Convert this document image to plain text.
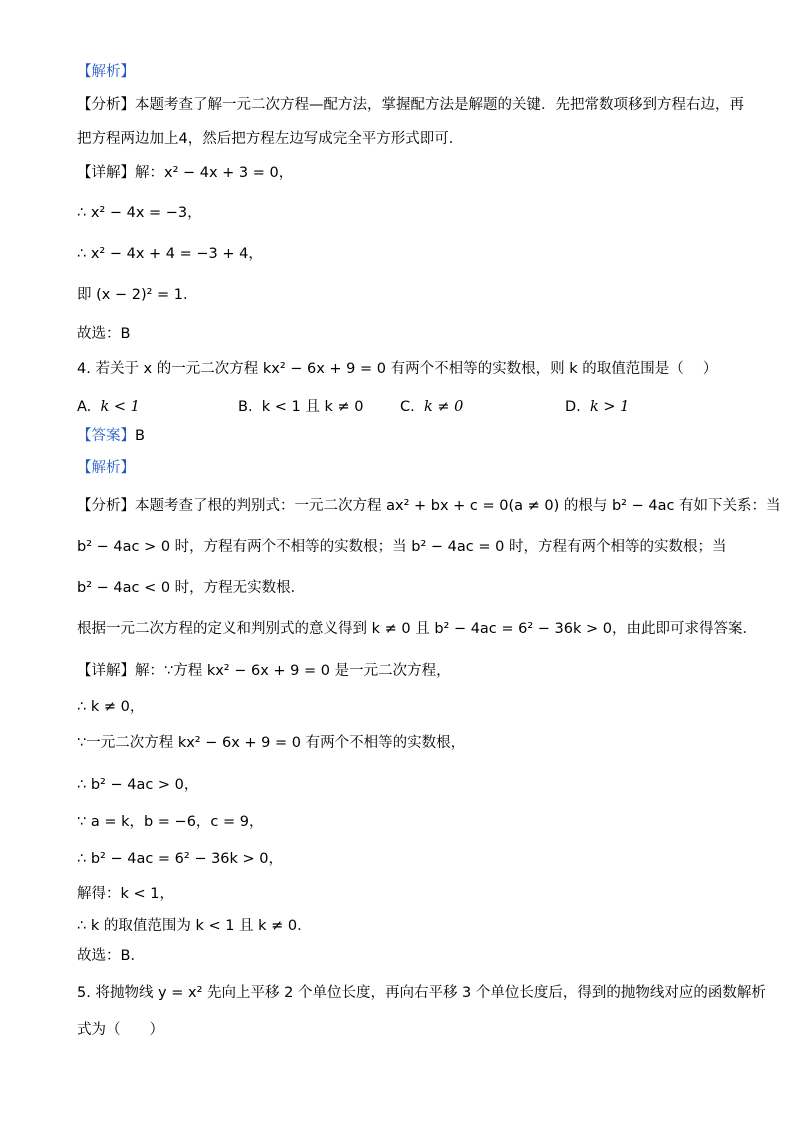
【解析】
【分析】本题考查了解一元二次方程—配方法，掌握配方法是解题的关键．先把常数项移到方程右边，再
把方程两边加上4，然后把方程左边写成完全平方形式即可．
【详解】解：x² − 4x + 3 = 0，
∴ x² − 4x = −3，
∴ x² − 4x + 4 = −3 + 4，
即 (x − 2)² = 1．
故选：B
4. 若关于 x 的一元二次方程 kx² − 6x + 9 = 0 有两个不相等的实数根，则 k 的取值范围是（　 ）
A. k < 1	B. k < 1 且 k ≠ 0	C. k ≠ 0	D. k > 1
【答案】B
【解析】
【分析】本题考查了根的判别式：一元二次方程 ax² + bx + c = 0(a ≠ 0) 的根与 b² − 4ac 有如下关系：当
b² − 4ac > 0 时，方程有两个不相等的实数根；当 b² − 4ac = 0 时，方程有两个相等的实数根；当
b² − 4ac < 0 时，方程无实数根．
根据一元二次方程的定义和判别式的意义得到 k ≠ 0 且 b² − 4ac = 6² − 36k > 0，由此即可求得答案．
【详解】解：∵方程 kx² − 6x + 9 = 0 是一元二次方程，
∴ k ≠ 0，
∵一元二次方程 kx² − 6x + 9 = 0 有两个不相等的实数根，
∴ b² − 4ac > 0，
∵ a = k，b = −6，c = 9，
∴ b² − 4ac = 6² − 36k > 0，
解得：k < 1，
∴ k 的取值范围为 k < 1 且 k ≠ 0．
故选：B．
5. 将抛物线 y = x² 先向上平移 2 个单位长度，再向右平移 3 个单位长度后，得到的抛物线对应的函数解析
式为（　　）
